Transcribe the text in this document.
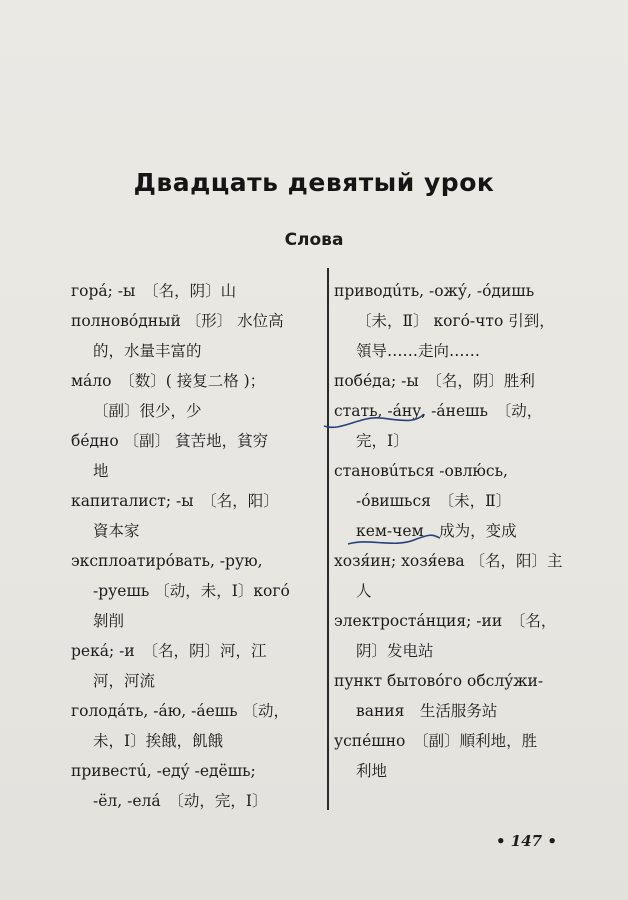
Двадцать девятый урок
Слова
горá; -ы　〔名，阴〕山
полновóдный 〔形〕 水位高
的，水量丰富的
мáло　〔数〕( 接复二格 )；
〔副〕很少，少
бéдно 〔副〕 貧苦地，貧穷
地
капиталист; -ы　〔名，阳〕
資本家
эксплоатирóвать, -рую,
-руешь 〔动，未，Ⅰ〕когó
剝削
рекá; -и　〔名，阴〕河，江
河，河流
голодáть, -áю, -áешь 〔动，
未，Ⅰ〕挨餓，飢餓
привестú, -еду́ -едёшь;
-ёл, -елá　〔动，完，Ⅰ〕
приводúть, -ожу́, -óдишь
〔未，Ⅱ〕 когó-что 引到，
領导……走向……
побéда; -ы　〔名，阴〕胜利
стать, -áну, -áнешь　〔动，
完，Ⅰ〕
становúться -овлю́сь,
-óвишься　〔未，Ⅱ〕
кем-чем　成为，变成
хозя́ин; хозя́ева 〔名，阳〕主
人
электростáнция; -ии　〔名，
阴〕发电站
пункт бытовóго обслу́жи-
вания　生活服务站
успéшно　〔副〕順利地，胜
利地
• 147 •
